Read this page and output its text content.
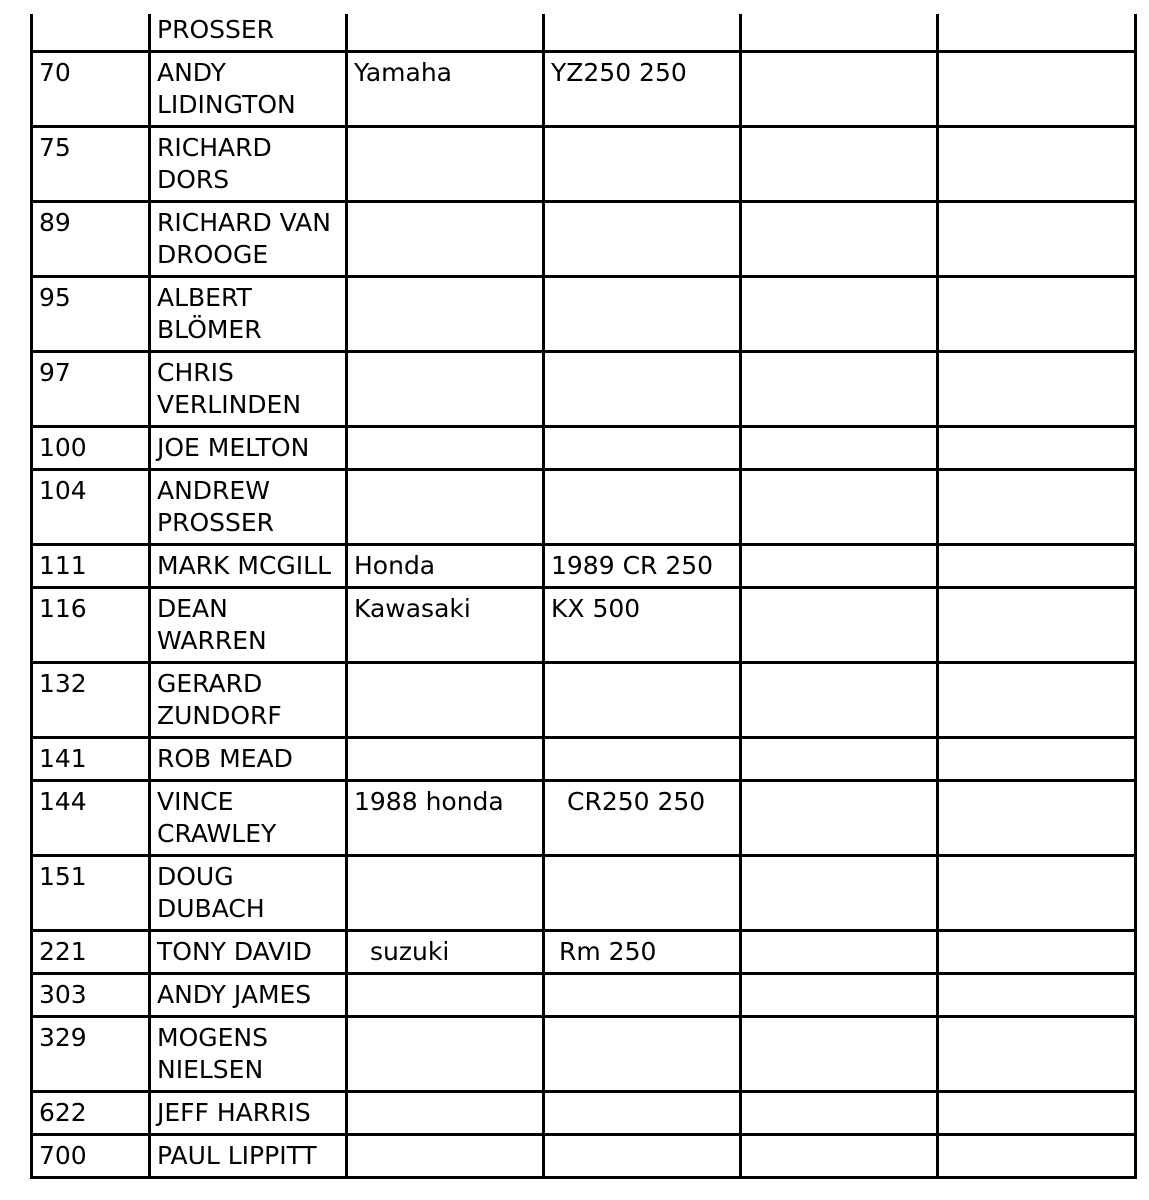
	PROSSER				
70	ANDY LIDINGTON	Yamaha	YZ250 250		
75	RICHARD DORS				
89	RICHARD VAN DROOGE				
95	ALBERT BLÖMER				
97	CHRIS VERLINDEN				
100	JOE MELTON				
104	ANDREW PROSSER				
111	MARK MCGILL	Honda	1989 CR 250		
116	DEAN WARREN	Kawasaki	KX 500		
132	GERARD ZUNDORF				
141	ROB MEAD				
144	VINCE CRAWLEY	1988 honda	CR250 250		
151	DOUG DUBACH				
221	TONY DAVID	suzuki	Rm 250		
303	ANDY JAMES				
329	MOGENS NIELSEN				
622	JEFF HARRIS				
700	PAUL LIPPITT				
